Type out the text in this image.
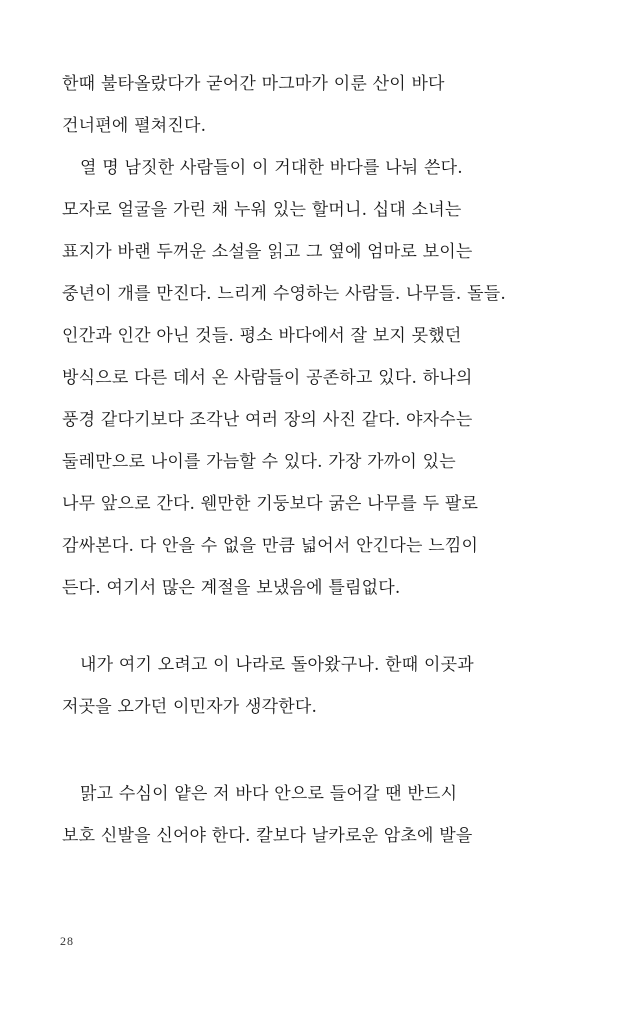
한때 불타올랐다가 굳어간 마그마가 이룬 산이 바다
건너편에 펼쳐진다.
열 명 남짓한 사람들이 이 거대한 바다를 나눠 쓴다.
모자로 얼굴을 가린 채 누워 있는 할머니. 십대 소녀는
표지가 바랜 두꺼운 소설을 읽고 그 옆에 엄마로 보이는
중년이 개를 만진다. 느리게 수영하는 사람들. 나무들. 돌들.
인간과 인간 아닌 것들. 평소 바다에서 잘 보지 못했던
방식으로 다른 데서 온 사람들이 공존하고 있다. 하나의
풍경 같다기보다 조각난 여러 장의 사진 같다. 야자수는
둘레만으로 나이를 가늠할 수 있다. 가장 가까이 있는
나무 앞으로 간다. 웬만한 기둥보다 굵은 나무를 두 팔로
감싸본다. 다 안을 수 없을 만큼 넓어서 안긴다는 느낌이
든다. 여기서 많은 계절을 보냈음에 틀림없다.
내가 여기 오려고 이 나라로 돌아왔구나. 한때 이곳과
저곳을 오가던 이민자가 생각한다.
맑고 수심이 얕은 저 바다 안으로 들어갈 땐 반드시
보호 신발을 신어야 한다. 칼보다 날카로운 암초에 발을
28
